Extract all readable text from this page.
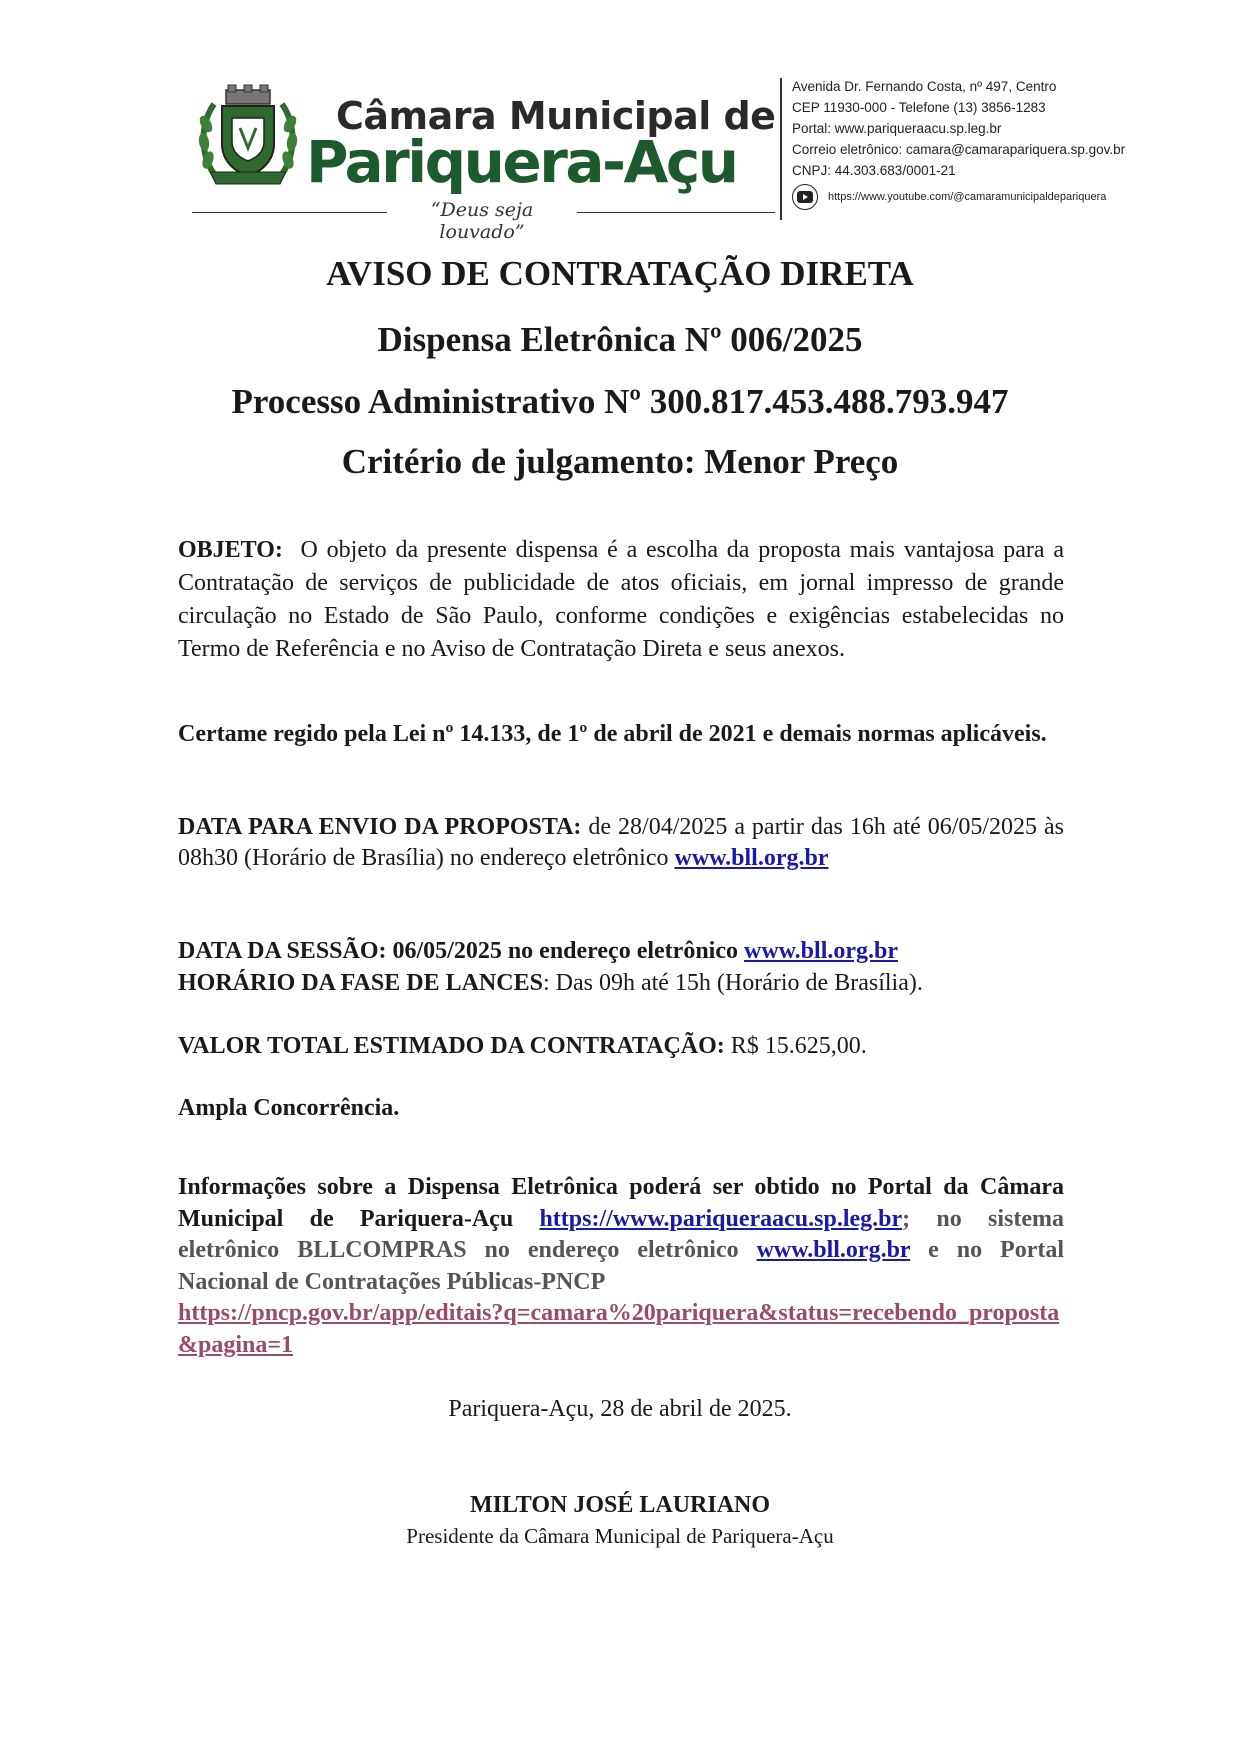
Câmara Municipal de
Pariquera-Açu
“Deus seja louvado”
Avenida Dr. Fernando Costa, nº 497, Centro
CEP 11930-000 - Telefone (13) 3856-1283
Portal: www.pariqueraacu.sp.leg.br
Correio eletrônico: camara@camarapariquera.sp.gov.br
CNPJ: 44.303.683/0001-21
https://www.youtube.com/@camaramunicipaldepariquera
AVISO DE CONTRATAÇÃO DIRETA
Dispensa Eletrônica Nº 006/2025
Processo Administrativo Nº 300.817.453.488.793.947
Critério de julgamento: Menor Preço
OBJETO: O objeto da presente dispensa é a escolha da proposta mais vantajosa para a Contratação de serviços de publicidade de atos oficiais, em jornal impresso de grande circulação no Estado de São Paulo, conforme condições e exigências estabelecidas no Termo de Referência e no Aviso de Contratação Direta e seus anexos.
Certame regido pela Lei nº 14.133, de 1º de abril de 2021 e demais normas aplicáveis.
DATA PARA ENVIO DA PROPOSTA: de 28/04/2025 a partir das 16h até 06/05/2025 às 08h30 (Horário de Brasília) no endereço eletrônico www.bll.org.br
DATA DA SESSÃO: 06/05/2025 no endereço eletrônico www.bll.org.br
HORÁRIO DA FASE DE LANCES: Das 09h até 15h (Horário de Brasília).
VALOR TOTAL ESTIMADO DA CONTRATAÇÃO: R$ 15.625,00.
Ampla Concorrência.
Informações sobre a Dispensa Eletrônica poderá ser obtido no Portal da Câmara Municipal de Pariquera-Açu https://www.pariqueraacu.sp.leg.br; no sistema eletrônico BLLCOMPRAS no endereço eletrônico www.bll.org.br e no Portal Nacional de Contratações Públicas-PNCP
https://pncp.gov.br/app/editais?q=camara%20pariquera&status=recebendo_proposta&pagina=1
Pariquera-Açu, 28 de abril de 2025.
MILTON JOSÉ LAURIANO
Presidente da Câmara Municipal de Pariquera-Açu
